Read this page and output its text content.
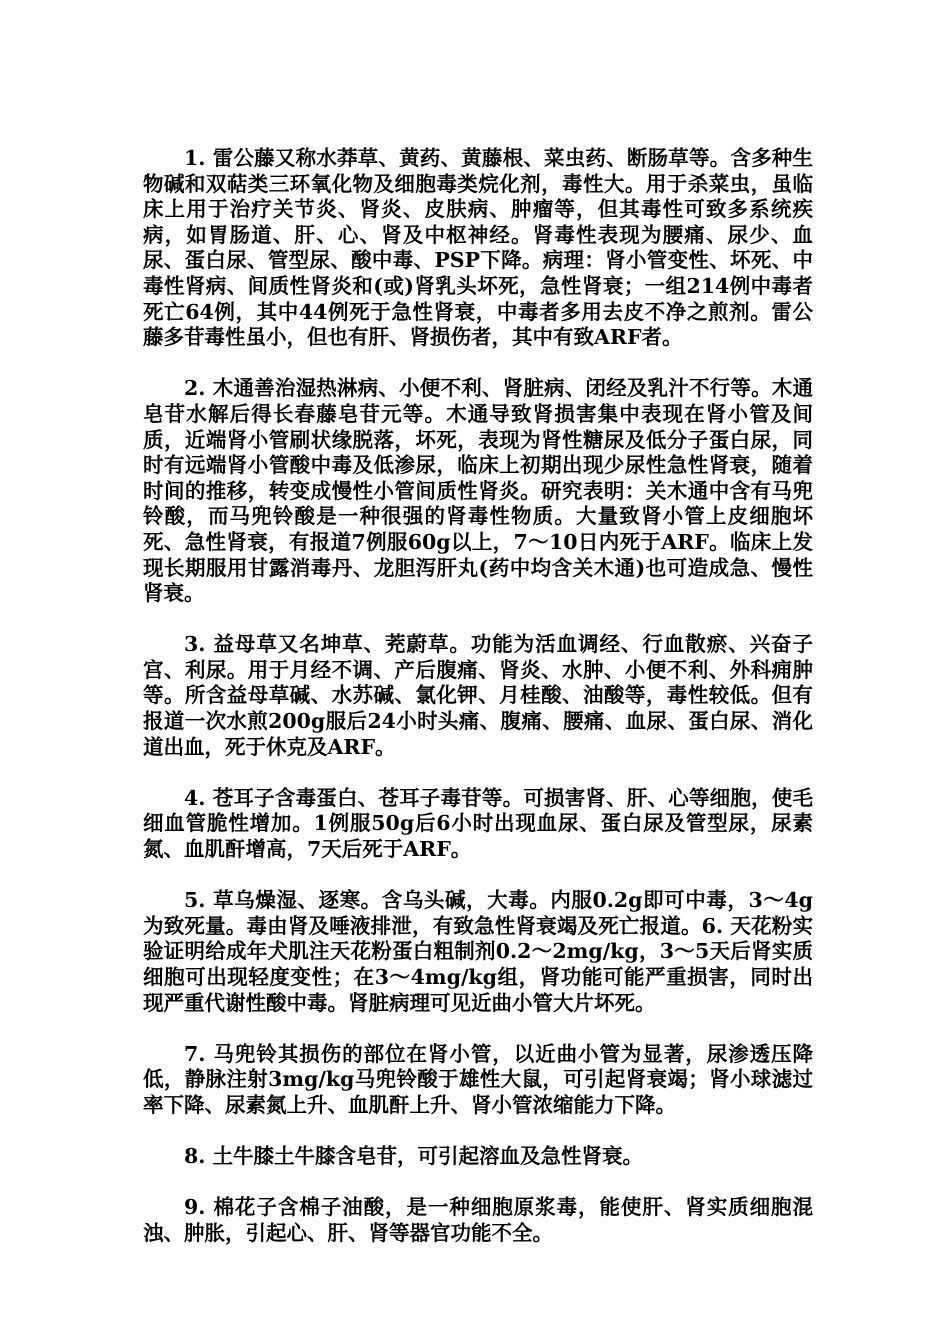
1. 雷公藤又称水莽草、黄药、黄藤根、菜虫药、断肠草等。含多种生物碱和双萜类三环氧化物及细胞毒类烷化剂，毒性大。用于杀菜虫，虽临床上用于治疗关节炎、肾炎、皮肤病、肿瘤等，但其毒性可致多系统疾病，如胃肠道、肝、心、肾及中枢神经。肾毒性表现为腰痛、尿少、血尿、蛋白尿、管型尿、酸中毒、PSP下降。病理：肾小管变性、坏死、中毒性肾病、间质性肾炎和(或)肾乳头坏死，急性肾衰；一组214例中毒者死亡64例，其中44例死于急性肾衰，中毒者多用去皮不净之煎剂。雷公藤多苷毒性虽小，但也有肝、肾损伤者，其中有致ARF者。

2. 木通善治湿热淋病、小便不利、肾脏病、闭经及乳汁不行等。木通皂苷水解后得长春藤皂苷元等。木通导致肾损害集中表现在肾小管及间质，近端肾小管刷状缘脱落，坏死，表现为肾性糖尿及低分子蛋白尿，同时有远端肾小管酸中毒及低渗尿，临床上初期出现少尿性急性肾衰，随着时间的推移，转变成慢性小管间质性肾炎。研究表明：关木通中含有马兜铃酸，而马兜铃酸是一种很强的肾毒性物质。大量致肾小管上皮细胞坏死、急性肾衰，有报道7例服60g以上，7～10日内死于ARF。临床上发现长期服用甘露消毒丹、龙胆泻肝丸(药中均含关木通)也可造成急、慢性肾衰。

3. 益母草又名坤草、茺蔚草。功能为活血调经、行血散瘀、兴奋子宫、利尿。用于月经不调、产后腹痛、肾炎、水肿、小便不利、外科痈肿等。所含益母草碱、水苏碱、氯化钾、月桂酸、油酸等，毒性较低。但有报道一次水煎200g服后24小时头痛、腹痛、腰痛、血尿、蛋白尿、消化道出血，死于休克及ARF。

4. 苍耳子含毒蛋白、苍耳子毒苷等。可损害肾、肝、心等细胞，使毛细血管脆性增加。1例服50g后6小时出现血尿、蛋白尿及管型尿，尿素氮、血肌酐增高，7天后死于ARF。

5. 草乌燥湿、逐寒。含乌头碱，大毒。内服0.2g即可中毒，3～4g为致死量。毒由肾及唾液排泄，有致急性肾衰竭及死亡报道。6. 天花粉实验证明给成年犬肌注天花粉蛋白粗制剂0.2～2mg/kg，3～5天后肾实质细胞可出现轻度变性；在3～4mg/kg组，肾功能可能严重损害，同时出现严重代谢性酸中毒。肾脏病理可见近曲小管大片坏死。

7. 马兜铃其损伤的部位在肾小管，以近曲小管为显著，尿渗透压降低，静脉注射3mg/kg马兜铃酸于雄性大鼠，可引起肾衰竭；肾小球滤过率下降、尿素氮上升、血肌酐上升、肾小管浓缩能力下降。

8. 土牛膝土牛膝含皂苷，可引起溶血及急性肾衰。

9. 棉花子含棉子油酸，是一种细胞原浆毒，能使肝、肾实质细胞混浊、肿胀，引起心、肝、肾等器官功能不全。
